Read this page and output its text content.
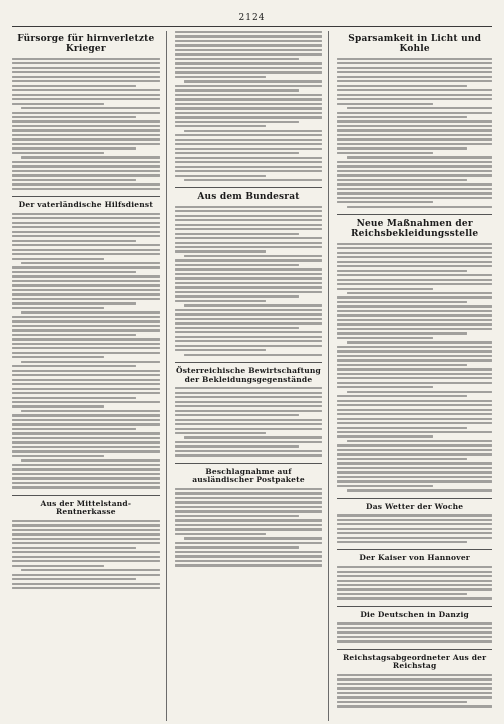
2124
Fürsorge für hirnverletzte Krieger
Der vaterländische Hilfsdienst
Aus der Mittelstand-Rentnerkasse
Aus dem Bundesrat
Österreichische Bewirtschaftung der Bekleidungsgegenstände
Beschlagnahme auf ausländischer Postpakete
Sparsamkeit in Licht und Kohle
Neue Maßnahmen der Reichsbekleidungsstelle
Das Wetter der Woche
Der Kaiser von Hannover
Die Deutschen in Danzig
Reichstagsabgeordneter Aus der Reichstag
